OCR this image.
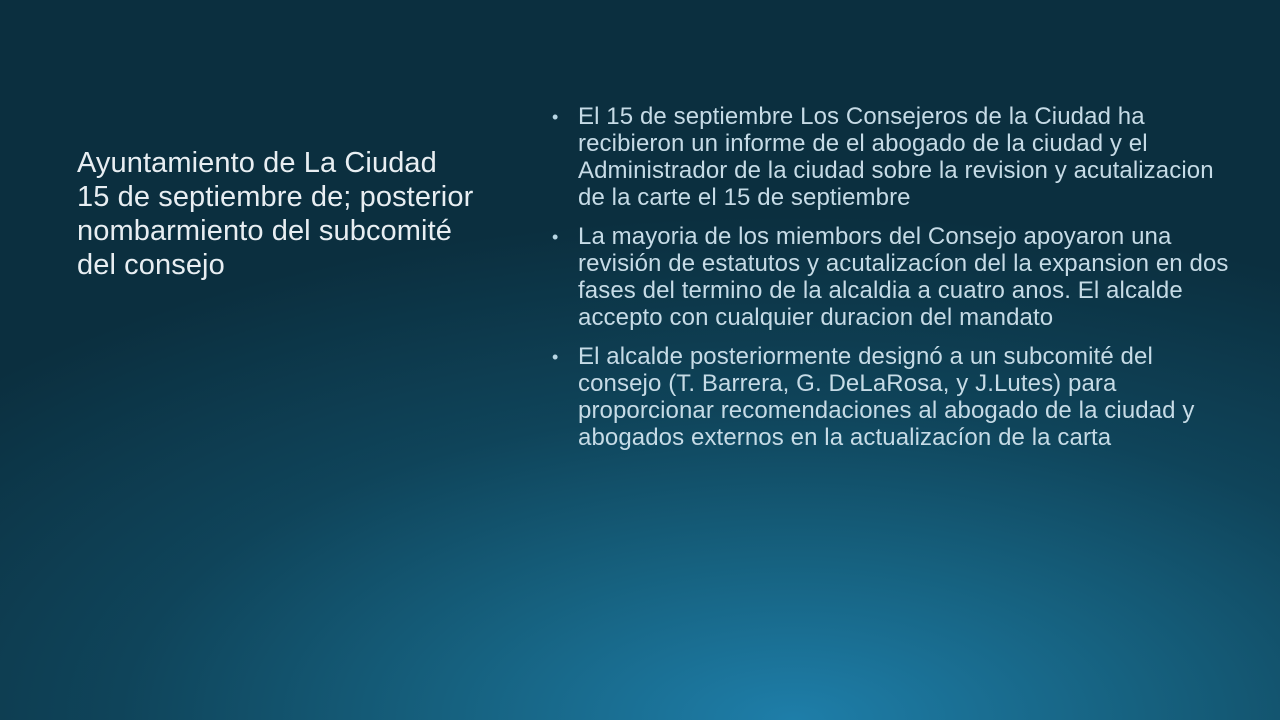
Ayuntamiento de La Ciudad 15 de septiembre de; posterior nombarmiento del subcomité del consejo
• El 15 de septiembre Los Consejeros de la Ciudad ha recibieron un informe de el abogado de la ciudad y el Administrador de la ciudad sobre la revision y acutalizacion de la carte el 15 de septiembre
• La mayoria de los miembors del Consejo apoyaron una revisión de estatutos y acutalizacíon del la expansion en dos fases del termino de la alcaldia a cuatro anos. El alcalde accepto con cualquier duracion del mandato
• El alcalde posteriormente designó a un subcomité del consejo (T. Barrera, G. DeLaRosa, y J.Lutes) para proporcionar recomendaciones al abogado de la ciudad y abogados externos en la actualizacíon de la carta
